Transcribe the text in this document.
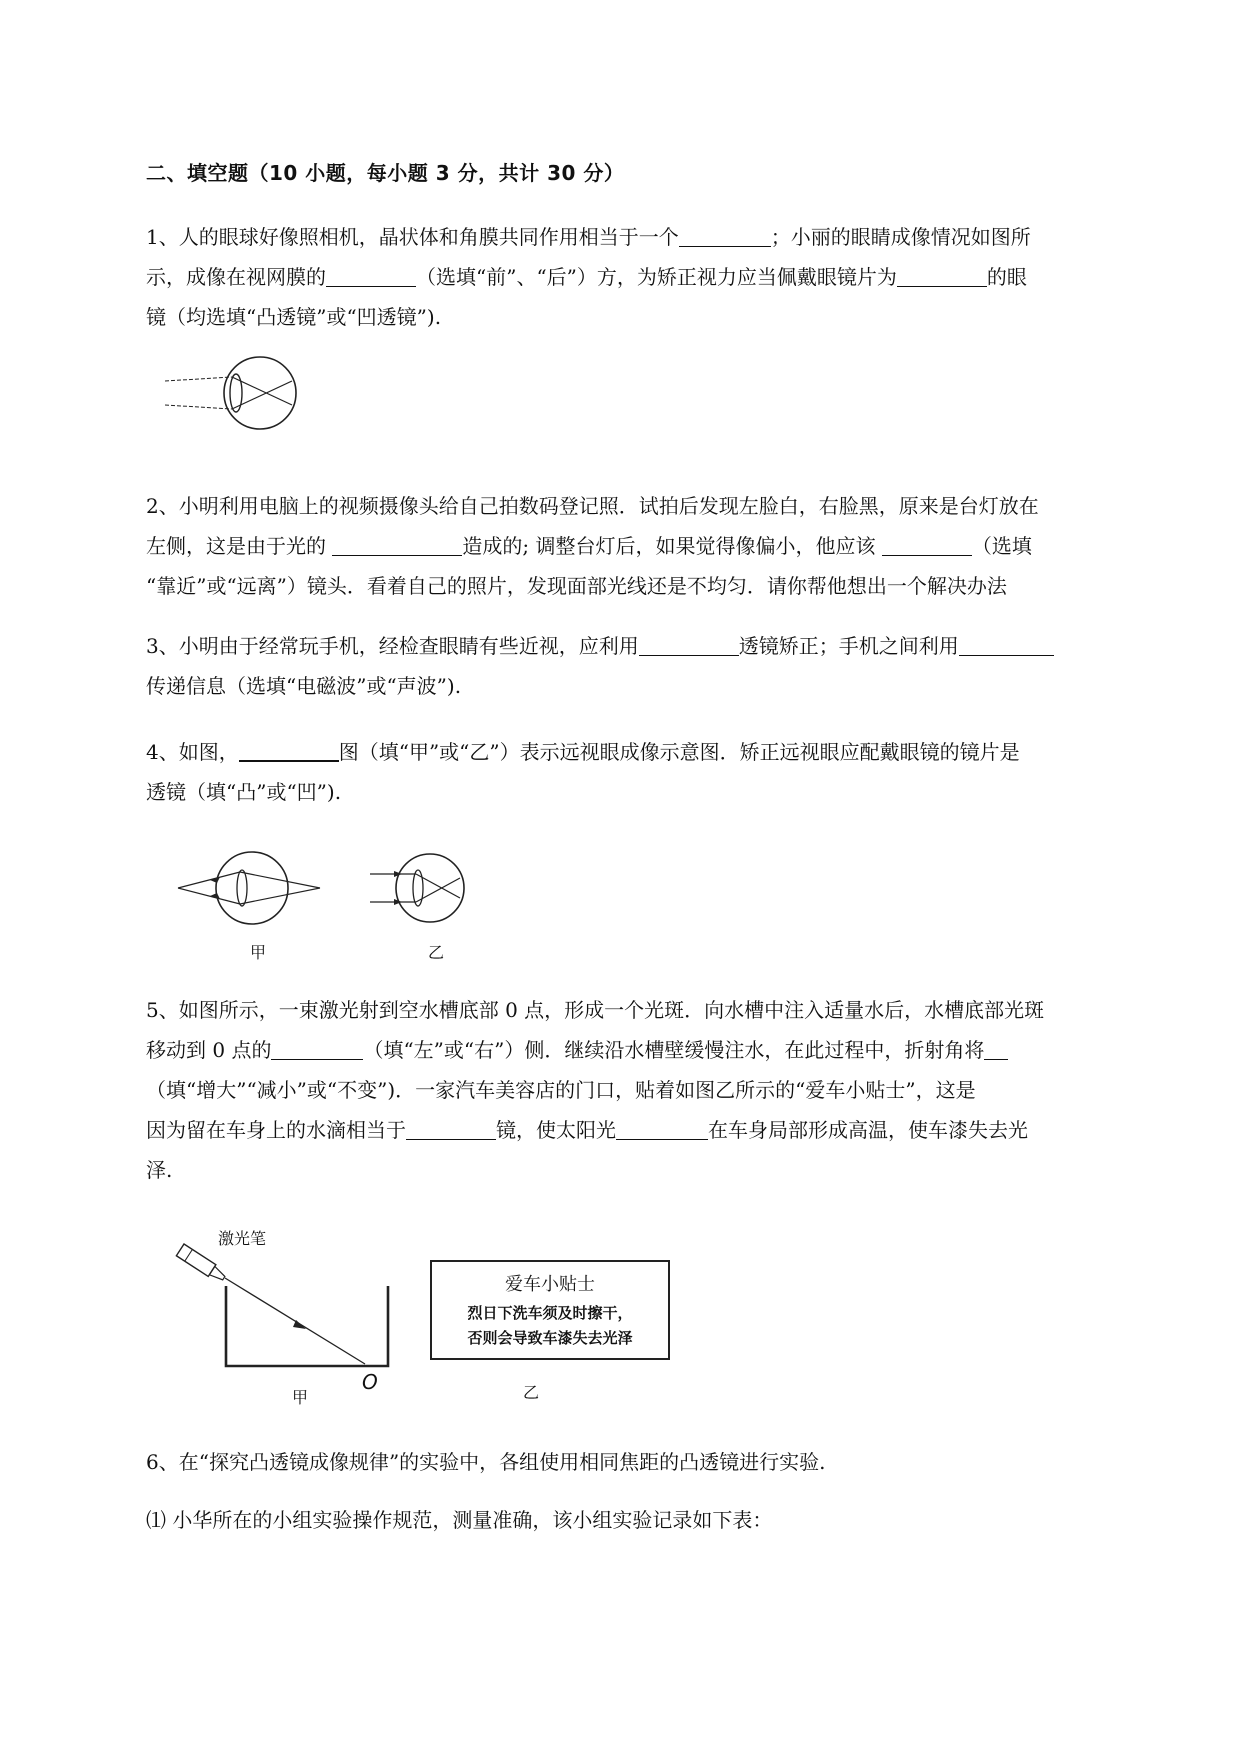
二、填空题（10 小题，每小题 3 分，共计 30 分）
1、人的眼球好像照相机，晶状体和角膜共同作用相当于一个	；小丽的眼睛成像情况如图所
示，成像在视网膜的	（选填“前”、“后”）方，为矫正视力应当佩戴眼镜片为	的眼
镜（均选填“凸透镜”或“凹透镜”).
2、小明利用电脑上的视频摄像头给自己拍数码登记照．试拍后发现左脸白，右脸黑，原来是台灯放在
左侧，这是由于光的	造成的; 调整台灯后，如果觉得像偏小，他应该	（选填
“靠近”或“远离”）镜头．看着自己的照片，发现面部光线还是不均匀．请你帮他想出一个解决办法
3、小明由于经常玩手机，经检查眼睛有些近视，应利用	透镜矫正；手机之间利用
传递信息（选填“电磁波”或“声波”).
4、如图，	图（填“甲”或“乙”）表示远视眼成像示意图．矫正远视眼应配戴眼镜的镜片是
透镜（填“凸”或“凹”).
甲	乙
5、如图所示，一束激光射到空水槽底部 0 点，形成一个光斑．向水槽中注入适量水后，水槽底部光斑
移动到 0 点的	（填“左”或“右”）侧．继续沿水槽壁缓慢注水，在此过程中，折射角将
（填“增大”“减小”或“不变”)．一家汽车美容店的门口，贴着如图乙所示的“爱车小贴士”，这是
因为留在车身上的水滴相当于	镜，使太阳光	在车身局部形成高温，使车漆失去光
泽.
激光笔
O
甲
爱车小贴士
烈日下洗车须及时擦干，
否则会导致车漆失去光泽
乙
6、在“探究凸透镜成像规律”的实验中，各组使用相同焦距的凸透镜进行实验.
⑴ 小华所在的小组实验操作规范，测量准确，该小组实验记录如下表：
